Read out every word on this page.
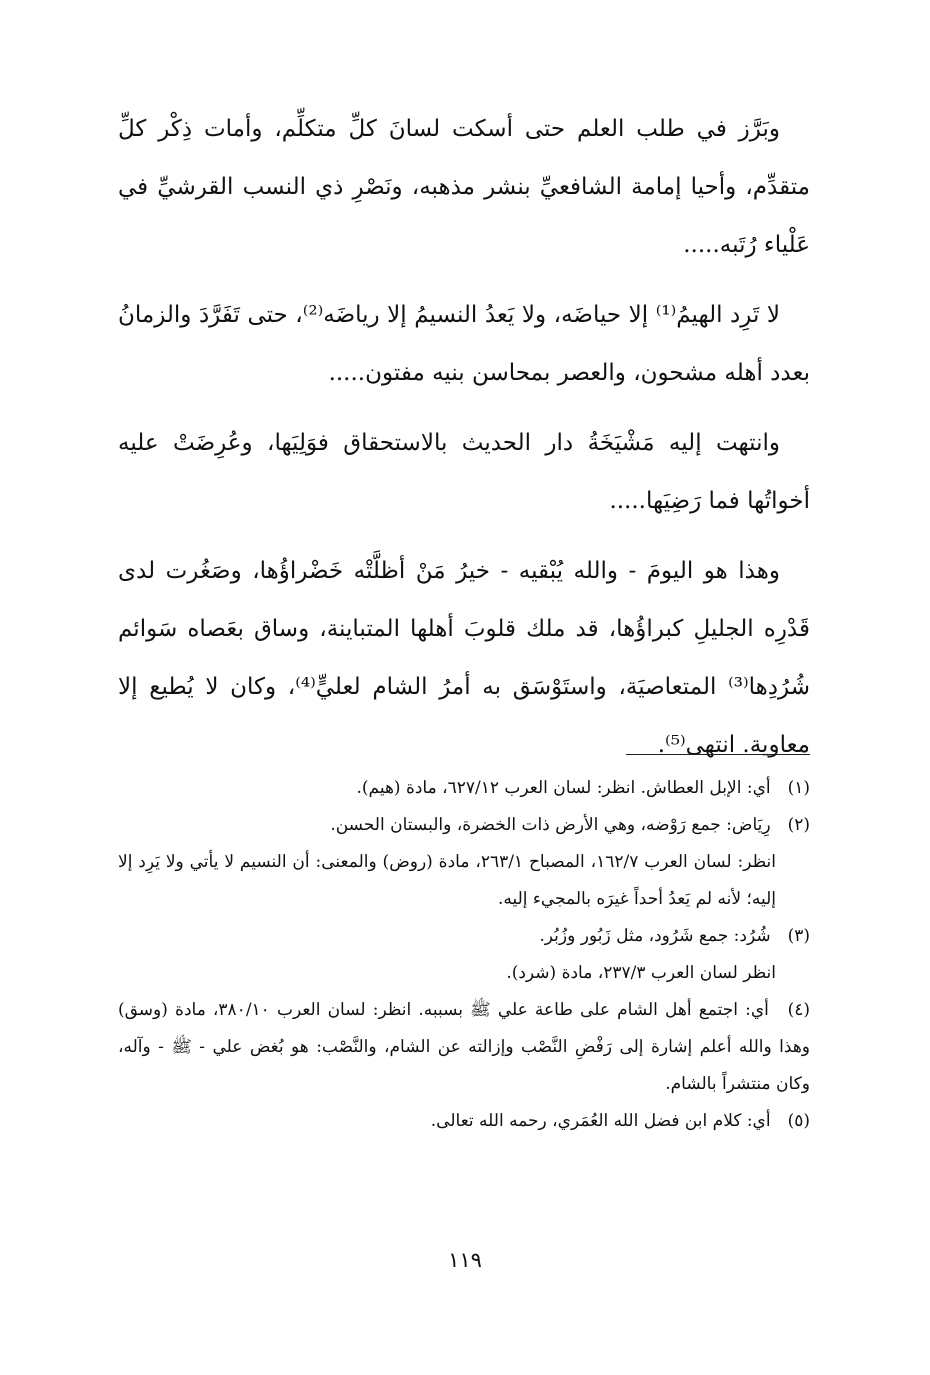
وبَرَّز في طلب العلم حتى أسكت لسانَ كلِّ متكلِّم، وأمات ذِكْر كلِّ متقدِّم، وأحيا إمامة الشافعيِّ بنشر مذهبه، ونَصْرِ ذي النسب القرشيِّ في عَلْياء رُتَبه.....

لا تَرِد الهيمُ⁽¹⁾ إلا حياضَه، ولا يَعدُ النسيمُ إلا رياضَه⁽²⁾، حتى تَفَرَّدَ والزمانُ بعدد أهله مشحون، والعصر بمحاسن بنيه مفتون.....

وانتهت إليه مَشْيَخَةُ دار الحديث بالاستحقاق فوَلِيَها، وعُرِضَتْ عليه أخواتُها فما رَضِيَها.....

وهذا هو اليومَ - والله يُبْقيه - خيرُ مَنْ أظلَّتْه خَضْراؤُها، وصَغُرت لدى قَدْرِه الجليلِ كبراؤُها، قد ملك قلوبَ أهلها المتباينة، وساق بعَصاه سَوائم شُرُدِها⁽³⁾ المتعاصيَة، واستَوْسَق به أمرُ الشام لعليٍّ⁽⁴⁾، وكان لا يُطيع إلا معاوية. انتهى⁽⁵⁾.

(١) أي: الإبل العطاش. انظر: لسان العرب ٦٢٧/١٢، مادة (هيم).

(٢) رِيَاض: جمع رَوْضه، وهي الأرض ذات الخضرة، والبستان الحسن.

انظر: لسان العرب ١٦٢/٧، المصباح ٢٦٣/١، مادة (روض) والمعنى: أن النسيم لا يأتي ولا يَرِد إلا إليه؛ لأنه لم يَعدُ أحداً غيرَه بالمجيء إليه.

(٣) شُرُد: جمع شَرُود، مثل زَبُور وزُبُر.

انظر لسان العرب ٢٣٧/٣، مادة (شرد).

(٤) أي: اجتمع أهل الشام على طاعة علي ﷺ بسببه. انظر: لسان العرب ٣٨٠/١٠، مادة (وسق) وهذا والله أعلم إشارة إلى رَفْضِ النَّصْب وإزالته عن الشام، والنَّصْب: هو بُغض علي - ﷺ - وآله، وكان منتشراً بالشام.

(٥) أي: كلام ابن فضل الله العُمَري، رحمه الله تعالى.

١١٩
